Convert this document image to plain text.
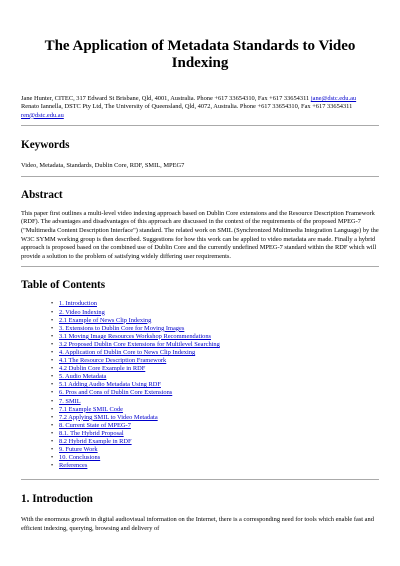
The Application of Metadata Standards to Video Indexing
Jane Hunter, CITEC, 317 Edward St Brisbane, Qld, 4001, Australia. Phone +617 33654310, Fax +617 33654311 jane@dstc.edu.au
Renato Iannella, DSTC Pty Ltd, The University of Queensland, Qld, 4072, Australia. Phone +617 33654310, Fax +617 33654311 ren@dstc.edu.au
Keywords
Video, Metadata, Standards, Dublin Core, RDF, SMIL, MPEG7
Abstract
This paper first outlines a multi-level video indexing approach based on Dublin Core extensions and the Resource Description Framework (RDF). The advantages and disadvantages of this approach are discussed in the context of the requirements of the proposed MPEG-7 ("Multimedia Content Description Interface") standard. The related work on SMIL (Synchronized Multimedia Integration Language) by the W3C SYMM working group is then described. Suggestions for how this work can be applied to video metadata are made. Finally a hybrid approach is proposed based on the combined use of Dublin Core and the currently undefined MPEG-7 standard within the RDF which will provide a solution to the problem of satisfying widely differing user requirements.
Table of Contents
• 1. Introduction
• 2. Video Indexing
• 2.1 Example of News Clip Indexing
• 3. Extensions to Dublin Core for Moving Images
• 3.1 Moving Image Resources Workshop Recommendations
• 3.2 Proposed Dublin Core Extensions for Multilevel Searching
• 4. Application of Dublin Core to News Clip Indexing
• 4.1 The Resource Description Framework
• 4.2 Dublin Core Example in RDF
• 5. Audio Metadata
• 5.1 Adding Audio Metadata Using RDF
• 6. Pros and Cons of Dublin Core Extensions
• 7. SMIL
• 7.1 Example SMIL Code
• 7.2 Applying SMIL to Video Metadata
• 8. Current State of MPEG-7
• 8.1. The Hybrid Proposal
• 8.2 Hybrid Example in RDF
• 9. Future Work
• 10. Conclusions
• References
1. Introduction
With the enormous growth in digital audiovisual information on the Internet, there is a corresponding need for tools which enable fast and efficient indexing, querying, browsing and delivery of
